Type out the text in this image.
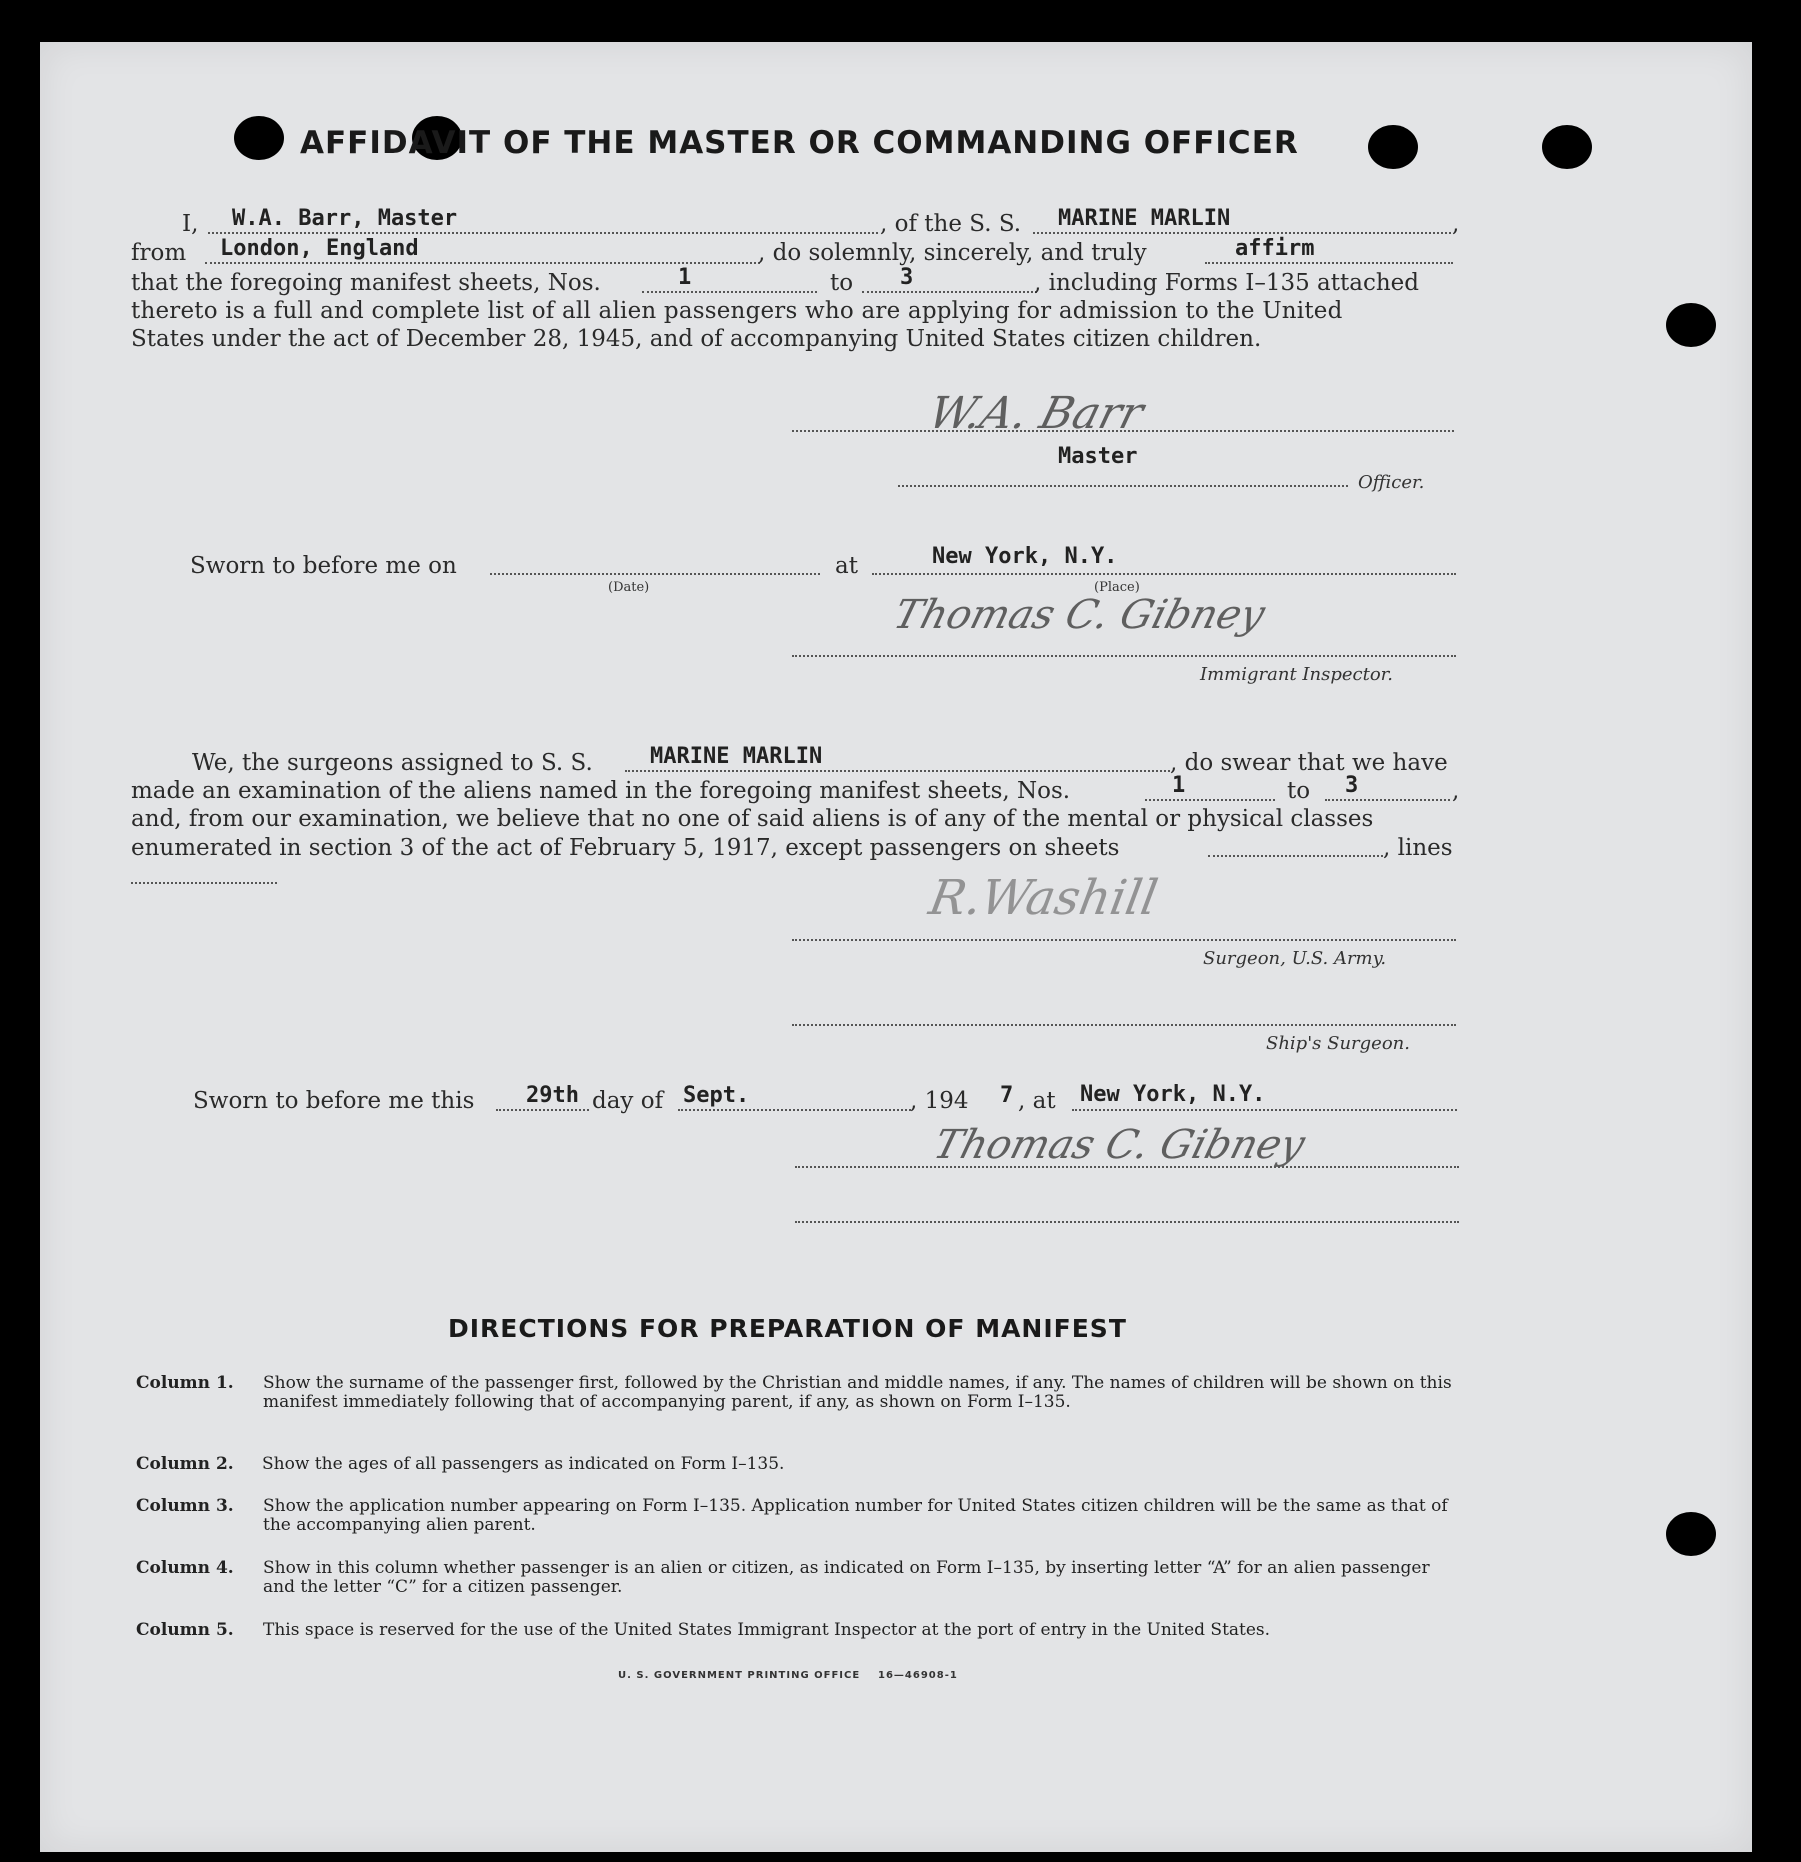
AFFIDAVIT OF THE MASTER OR COMMANDING OFFICER
I, W.A. Barr, Master	, of the S. S. MARINE MARLIN	,
from London, England	, do solemnly, sincerely, and truly	affirm
that the foregoing manifest sheets, Nos.	1	to 3	, including Forms I–135 attached
thereto is a full and complete list of all alien passengers who are applying for admission to the United
States under the act of December 28, 1945, and of accompanying United States citizen children.
W.A. Barr
Master
Officer.
Sworn to before me on
(Date)
at	New York, N.Y.
(Place)
Thomas C. Gibney
Immigrant Inspector.
We, the surgeons assigned to S. S.	MARINE MARLIN	, do swear that we have
made an examination of the aliens named in the foregoing manifest sheets, Nos.	1	to 3	,
and, from our examination, we believe that no one of said aliens is of any of the mental or physical classes
enumerated in section 3 of the act of February 5, 1917, except passengers on sheets	, lines
R.Washill
Surgeon, U.S. Army.
Ship's Surgeon.
Sworn to before me this 29th day of Sept.	, 194 7 , at New York, N.Y.
Thomas C. Gibney
DIRECTIONS FOR PREPARATION OF MANIFEST
Column 1. Show the surname of the passenger first, followed by the Christian and middle names, if any. The names of children will be shown on this manifest immediately following that of accompanying parent, if any, as shown on Form I–135.
Column 2. Show the ages of all passengers as indicated on Form I–135.
Column 3. Show the application number appearing on Form I–135. Application number for United States citizen children will be the same as that of the accompanying alien parent.
Column 4. Show in this column whether passenger is an alien or citizen, as indicated on Form I–135, by inserting letter “A” for an alien passenger and the letter “C” for a citizen passenger.
Column 5. This space is reserved for the use of the United States Immigrant Inspector at the port of entry in the United States.
U. S. GOVERNMENT PRINTING OFFICE 16—46908-1
